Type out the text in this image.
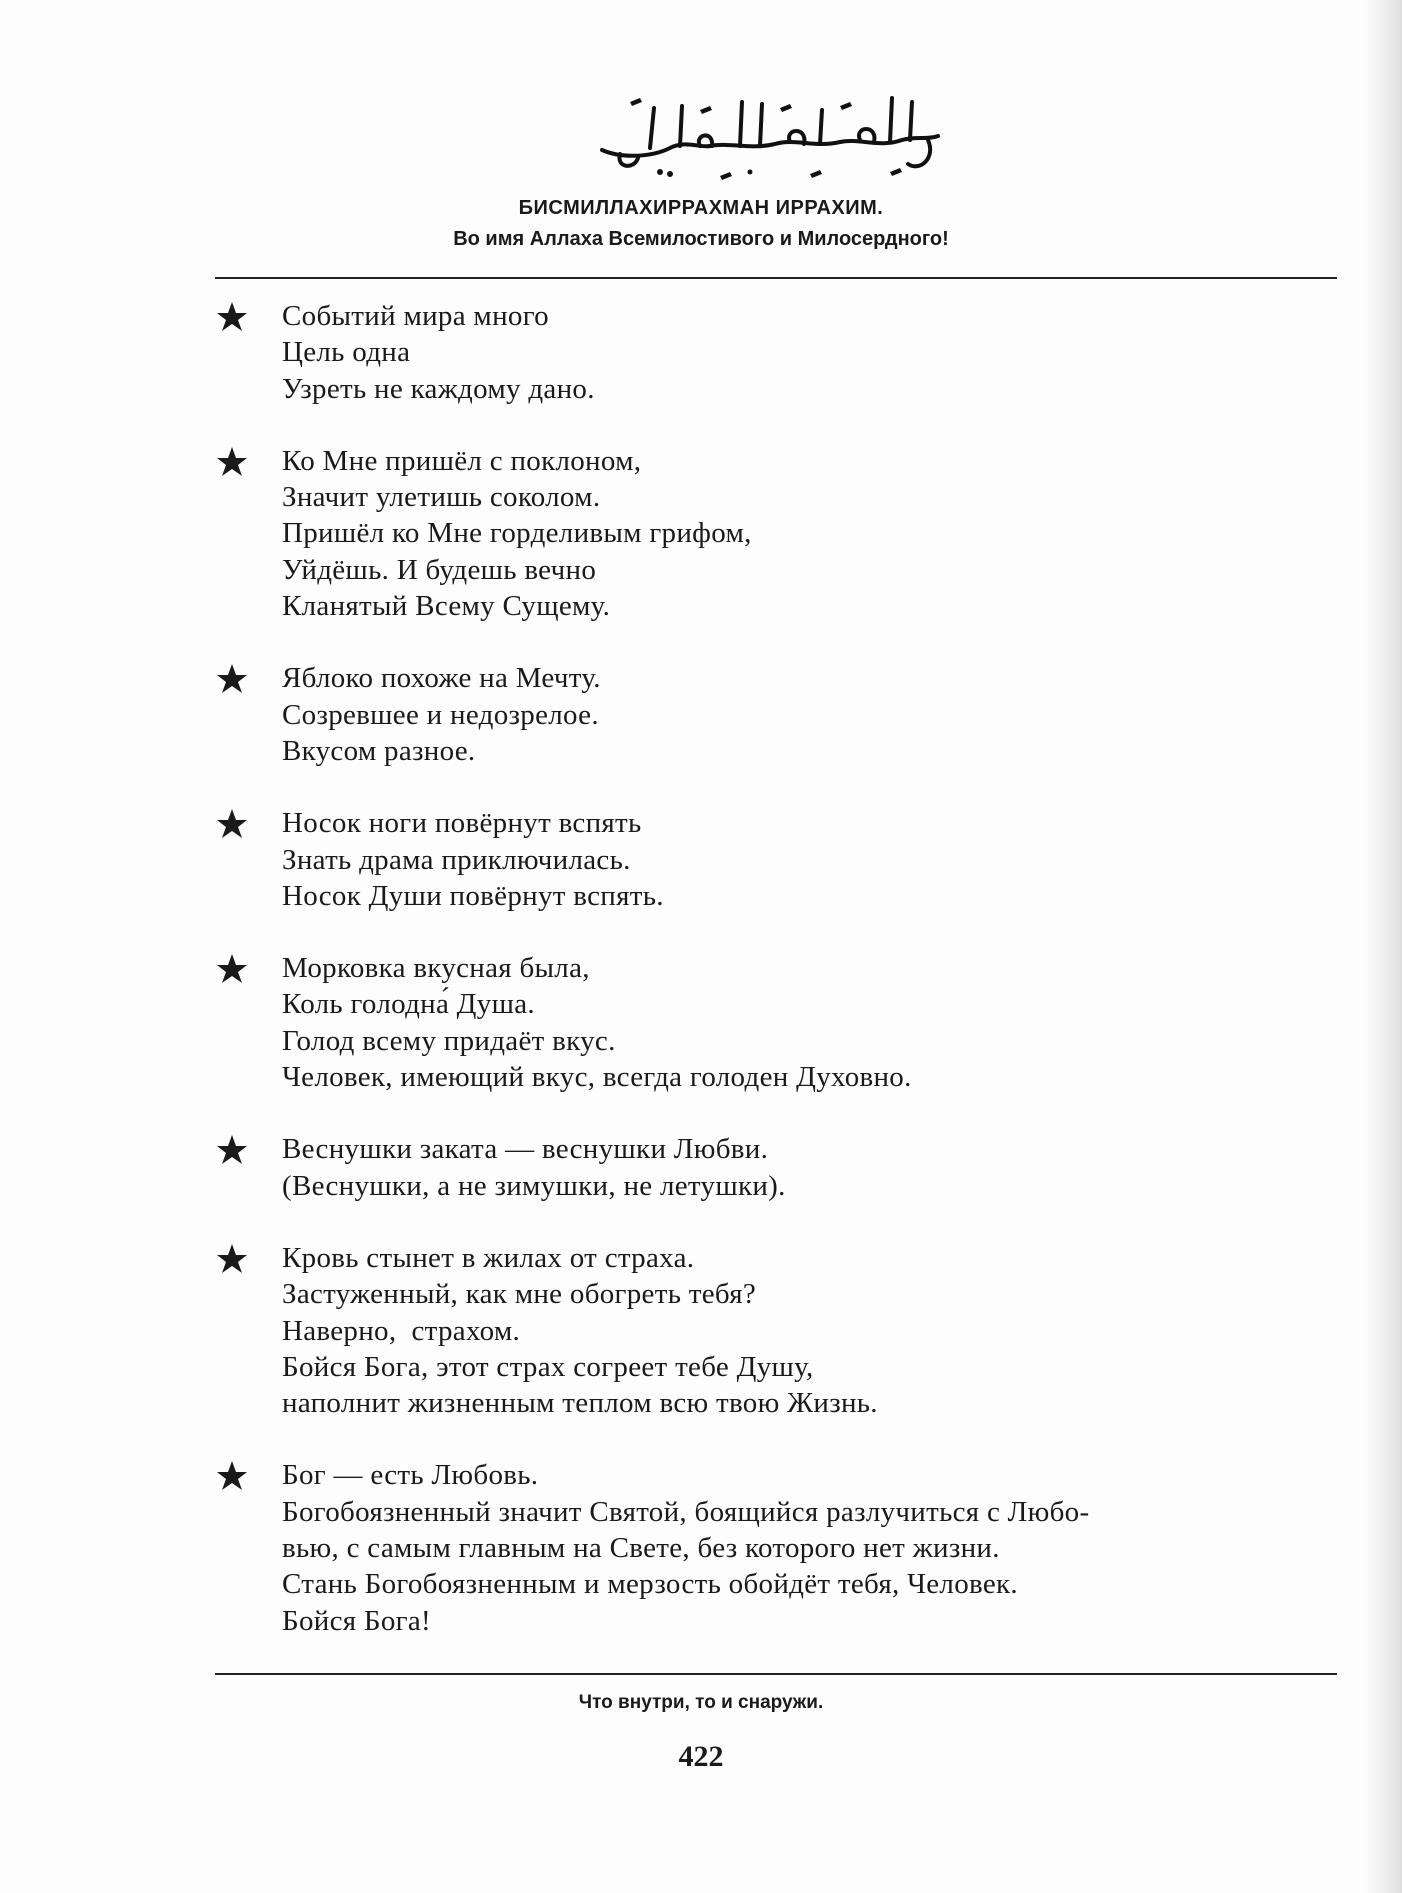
БИСМИЛЛАХИРРАХМАН ИРРАХИМ.
Во имя Аллаха Всемилостивого и Милосердного!
Событий мира много
Цель одна
Узреть не каждому дано.
Ко Мне пришёл с поклоном,
Значит улетишь соколом.
Пришёл ко Мне горделивым грифом,
Уйдёшь. И будешь вечно
Кланятый Всему Сущему.
Яблоко похоже на Мечту.
Созревшее и недозрелое.
Вкусом разное.
Носок ноги повёрнут вспять
Знать драма приключилась.
Носок Души повёрнут вспять.
Морковка вкусная была,
Коль голодна́ Душа.
Голод всему придаёт вкус.
Человек, имеющий вкус, всегда голоден Духовно.
Веснушки заката — веснушки Любви.
(Веснушки, а не зимушки, не летушки).
Кровь стынет в жилах от страха.
Застуженный, как мне обогреть тебя?
Наверно,  страхом.
Бойся Бога, этот страх согреет тебе Душу,
наполнит жизненным теплом всю твою Жизнь.
Бог — есть Любовь.
Богобоязненный значит Святой, боящийся разлучиться с Любо-
вью, с самым главным на Свете, без которого нет жизни.
Стань Богобоязненным и мерзость обойдёт тебя, Человек.
Бойся Бога!
Что внутри, то и снаружи.
422
